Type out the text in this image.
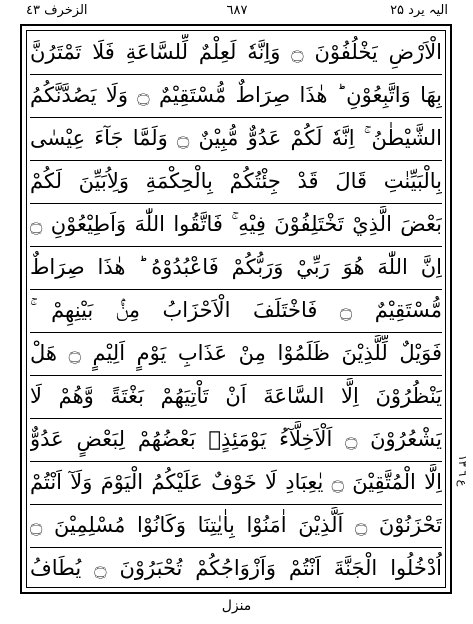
الزخرف ٤٣	٦٨٧	الیہ یرد ۲۵
الْاَرْضِ يَخْلُفُوْنَ ۝ وَاِنَّهٗ لَعِلْمٌ لِّلسَّاعَةِ فَلَا تَمْتَرُنَّ
بِهَا وَاتَّبِعُوْنِ ؕ هٰذَا صِرَاطٌ مُّسْتَقِيْمٌ ۝ وَلَا يَصُدَّنَّكُمُ
الشَّيْطٰنُ ۚ اِنَّهٗ لَكُمْ عَدُوٌّ مُّبِيْنٌ ۝ وَلَمَّا جَآءَ عِيْسٰى
بِالْبَيِّنٰتِ قَالَ قَدْ جِئْتُكُمْ بِالْحِكْمَةِ وَلِاُبَيِّنَ لَكُمْ
بَعْضَ الَّذِيْ تَخْتَلِفُوْنَ فِيْهِ ۚ فَاتَّقُوا اللّٰهَ وَاَطِيْعُوْنِ ۝
اِنَّ اللّٰهَ هُوَ رَبِّيْ وَرَبُّكُمْ فَاعْبُدُوْهُ ؕ هٰذَا صِرَاطٌ
مُّسْتَقِيْمٌ ۝ فَاخْتَلَفَ الْاَحْزَابُ مِنْۢ بَيْنِهِمْ ۚ
فَوَيْلٌ لِّلَّذِيْنَ ظَلَمُوْا مِنْ عَذَابِ يَوْمٍ اَلِيْمٍ ۝ هَلْ
يَنْظُرُوْنَ اِلَّا السَّاعَةَ اَنْ تَاْتِيَهُمْ بَغْتَةً وَّهُمْ لَا
يَشْعُرُوْنَ ۝ اَلْاَخِلَّآءُ يَوْمَئِذٍۭ بَعْضُهُمْ لِبَعْضٍ عَدُوٌّ
اِلَّا الْمُتَّقِيْنَ ۝ يٰعِبَادِ لَا خَوْفٌ عَلَيْكُمُ الْيَوْمَ وَلَآ اَنْتُمْ
تَحْزَنُوْنَ ۝ اَلَّذِيْنَ اٰمَنُوْا بِاٰيٰتِنَا وَكَانُوْا مُسْلِمِيْنَ ۝
اُدْخُلُوا الْجَنَّةَ اَنْتُمْ وَاَزْوَاجُكُمْ تُحْبَرُوْنَ ۝ يُطَافُ
ع ٦ ١٣
منزل
